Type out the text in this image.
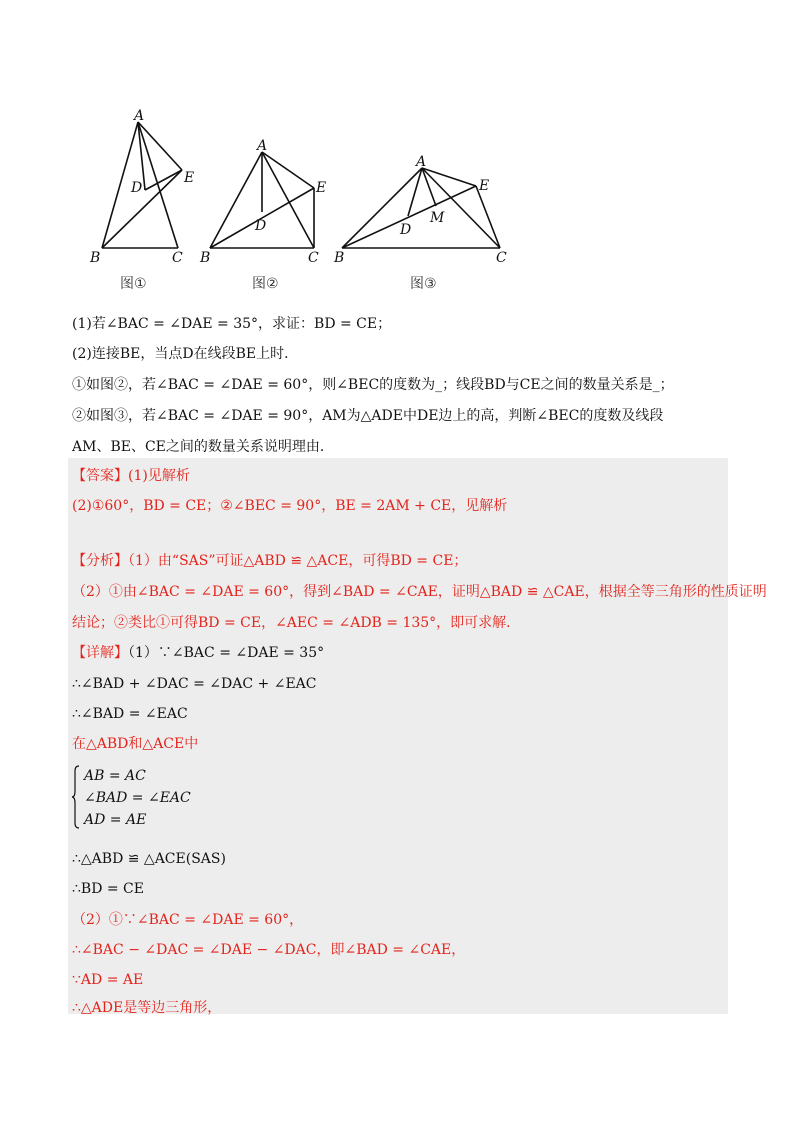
A
B	C
D
E
图①
A
B	C
D
E
图②
A
B	C
D
E
M
图③
(1)若∠BAC = ∠DAE = 35°，求证：BD = CE；
(2)连接BE，当点D在线段BE上时．
①如图②，若∠BAC = ∠DAE = 60°，则∠BEC的度数为_；线段BD与CE之间的数量关系是_；
②如图③，若∠BAC = ∠DAE = 90°，AM为△ADE中DE边上的高，判断∠BEC的度数及线段
AM、BE、CE之间的数量关系说明理由．
【答案】(1)见解析
(2)①60°，BD = CE；②∠BEC = 90°，BE = 2AM + CE，见解析
【分析】（1）由“SAS”可证△ABD ≌ △ACE，可得BD = CE；
（2）①由∠BAC = ∠DAE = 60°，得到∠BAD = ∠CAE，证明△BAD ≌ △CAE，根据全等三角形的性质证明
结论；②类比①可得BD = CE，∠AEC = ∠ADB = 135°，即可求解．
【详解】（1）∵∠BAC = ∠DAE = 35°
∴∠BAD + ∠DAC = ∠DAC + ∠EAC
∴∠BAD = ∠EAC
在△ABD和△ACE中
AB = AC
∠BAD = ∠EAC
AD = AE
∴△ABD ≌ △ACE(SAS)
∴BD = CE
（2）①∵∠BAC = ∠DAE = 60°，
∴∠BAC − ∠DAC = ∠DAE − ∠DAC，即∠BAD = ∠CAE，
∵AD = AE
∴△ADE是等边三角形，
